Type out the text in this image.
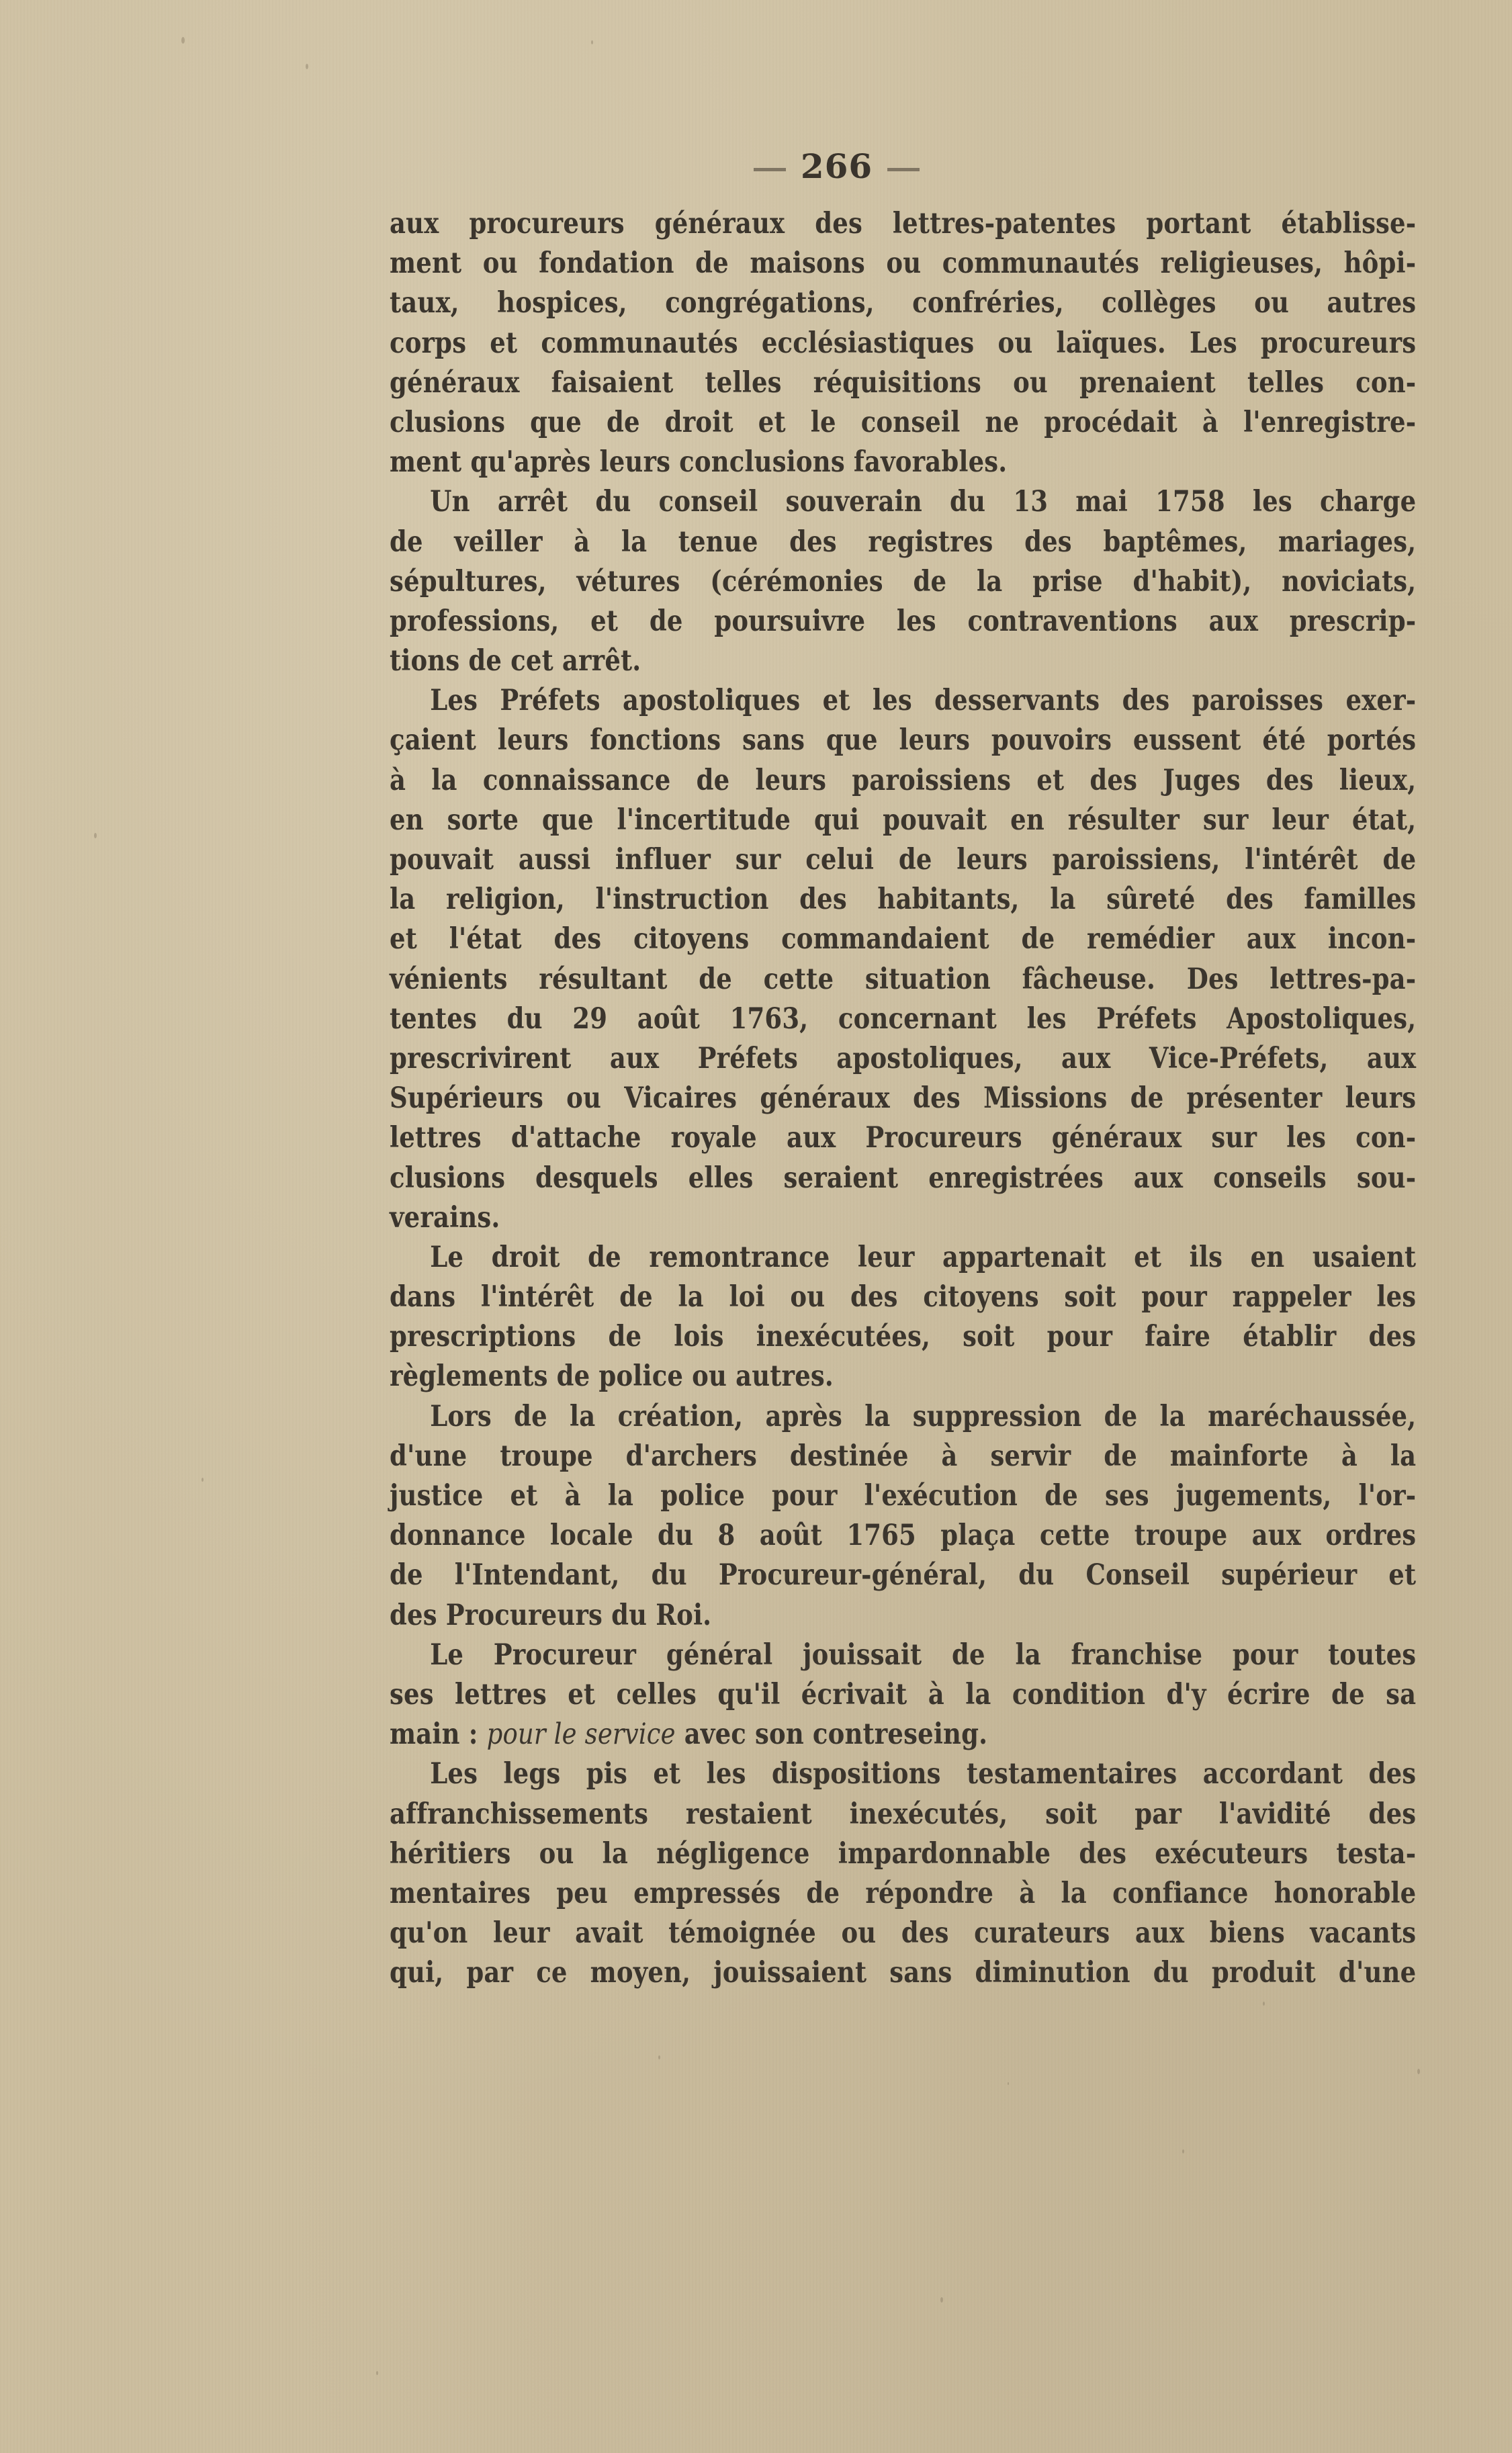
266
aux procureurs généraux des lettres-patentes portant établisse-
ment ou fondation de maisons ou communautés religieuses, hôpi-
taux, hospices, congrégations, confréries, collèges ou autres
corps et communautés ecclésiastiques ou laïques. Les procureurs
généraux faisaient telles réquisitions ou prenaient telles con-
clusions que de droit et le conseil ne procédait à l'enregistre-
ment qu'après leurs conclusions favorables.
Un arrêt du conseil souverain du 13 mai 1758 les charge
de veiller à la tenue des registres des baptêmes, mariages,
sépultures, vétures (cérémonies de la prise d'habit), noviciats,
professions, et de poursuivre les contraventions aux prescrip-
tions de cet arrêt.
Les Préfets apostoliques et les desservants des paroisses exer-
çaient leurs fonctions sans que leurs pouvoirs eussent été portés
à la connaissance de leurs paroissiens et des Juges des lieux,
en sorte que l'incertitude qui pouvait en résulter sur leur état,
pouvait aussi influer sur celui de leurs paroissiens, l'intérêt de
la religion, l'instruction des habitants, la sûreté des familles
et l'état des citoyens commandaient de remédier aux incon-
vénients résultant de cette situation fâcheuse. Des lettres-pa-
tentes du 29 août 1763, concernant les Préfets Apostoliques,
prescrivirent aux Préfets apostoliques, aux Vice-Préfets, aux
Supérieurs ou Vicaires généraux des Missions de présenter leurs
lettres d'attache royale aux Procureurs généraux sur les con-
clusions desquels elles seraient enregistrées aux conseils sou-
verains.
Le droit de remontrance leur appartenait et ils en usaient
dans l'intérêt de la loi ou des citoyens soit pour rappeler les
prescriptions de lois inexécutées, soit pour faire établir des
règlements de police ou autres.
Lors de la création, après la suppression de la maréchaussée,
d'une troupe d'archers destinée à servir de mainforte à la
justice et à la police pour l'exécution de ses jugements, l'or-
donnance locale du 8 août 1765 plaça cette troupe aux ordres
de l'Intendant, du Procureur-général, du Conseil supérieur et
des Procureurs du Roi.
Le Procureur général jouissait de la franchise pour toutes
ses lettres et celles qu'il écrivait à la condition d'y écrire de sa
main : pour le service avec son contreseing.
Les legs pis et les dispositions testamentaires accordant des
affranchissements restaient inexécutés, soit par l'avidité des
héritiers ou la négligence impardonnable des exécuteurs testa-
mentaires peu empressés de répondre à la confiance honorable
qu'on leur avait témoignée ou des curateurs aux biens vacants
qui, par ce moyen, jouissaient sans diminution du produit d'une
